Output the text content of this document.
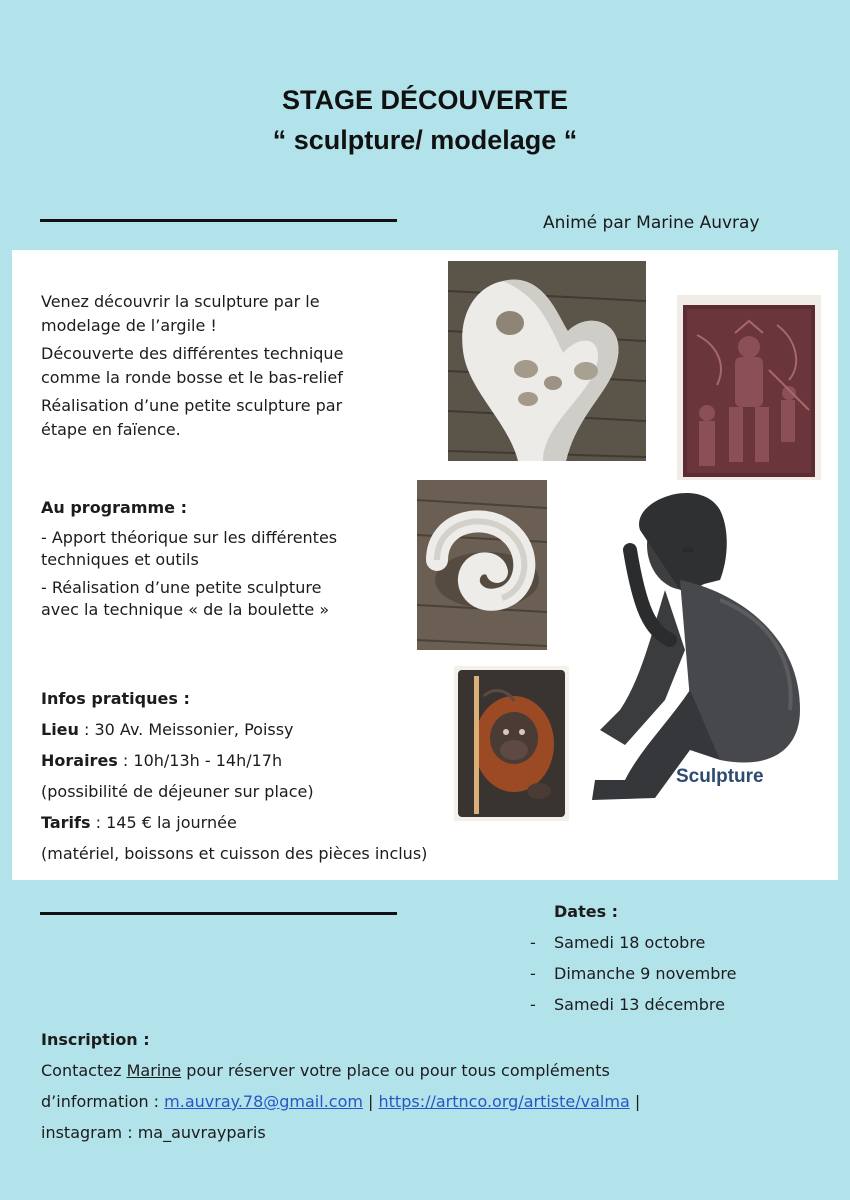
STAGE DÉCOUVERTE
“ sculpture/ modelage “
Animé par Marine Auvray
Venez découvrir la sculpture par le
modelage de l’argile !
Découverte des différentes technique
comme la ronde bosse et le bas-relief
Réalisation d’une petite sculpture par
étape en faïence.
Au programme :
- Apport théorique sur les différentes
techniques et outils
- Réalisation d’une petite sculpture
avec la technique « de la boulette »
Infos pratiques :
Lieu : 30 Av. Meissonier, Poissy
Horaires : 10h/13h - 14h/17h
(possibilité de déjeuner sur place)
Tarifs : 145 € la journée
(matériel, boissons et cuisson des pièces inclus)
Sculpture
Dates :
- Samedi 18 octobre
- Dimanche 9 novembre
- Samedi 13 décembre
Inscription :
Contactez Marine pour réserver votre place ou pour tous compléments
d’information : m.auvray.78@gmail.com | https://artnco.org/artiste/valma |
instagram : ma_auvrayparis
